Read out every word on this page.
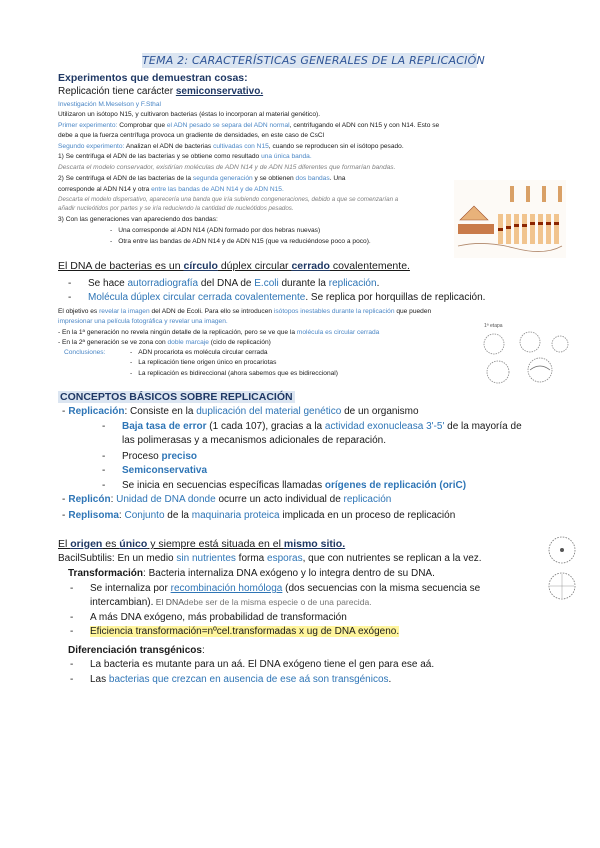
TEMA 2: CARACTERÍSTICAS GENERALES DE LA REPLICACIÓN
Experimentos que demuestran cosas:
Replicación tiene carácter semiconservativo.
Investigación M.Meselson y F.Sthal
Utilizaron un isótopo N15, y cultivaron bacterias (éstas lo incorporan al material genético).
Primer experimento: Comprobar que el ADN pesado se separa del ADN normal, centrifugando el ADN con N15 y con N14. Esto se
debe a que la fuerza centrífuga provoca un gradiente de densidades, en este caso de CsCl
Segundo experimento: Analizan el ADN de bacterias cultivadas con N15, cuando se reproducen sin el isótopo pesado.
1) Se centrifuga el ADN de las bacterias y se obtiene como resultado una única banda.
Descarta el modelo conservador, existirían moléculas de ADN N14 y de ADN N15 diferentes que formarían bandas.
2) Se centrifuga el ADN de las bacterias de la segunda generación y se obtienen dos bandas. Una
corresponde al ADN N14 y otra entre las bandas de ADN N14 y de ADN N15.
Descarta el modelo dispersativo, aparecería una banda que iría subiendo congeneraciones, debido a que se comenzarían a
añadir nucleótidos por partes y se iría reduciendo la cantidad de nucleótidos pesados.
3) Con las generaciones van apareciendo dos bandas:
- Una corresponde al ADN N14 (ADN formado por dos hebras nuevas)
- Otra entre las bandas de ADN N14 y de ADN N15 (que va reduciéndose poco a poco).
El DNA de bacterias es un círculo dúplex circular cerrado covalentemente.
- Se hace autorradiografía del DNA de E.coli durante la replicación.
- Molécula dúplex circular cerrada covalentemente. Se replica por horquillas de replicación.
El objetivo es revelar la imagen del ADN de Ecoli. Para ello se introducen isótopos inestables durante la replicación que pueden
impresionar una película fotográfica y revelar una imagen.
- En la 1ª generación no revela ningún detalle de la replicación, pero se ve que la molécula es circular cerrada
- En la 2ª generación se ve zona con doble marcaje (ciclo de replicación)
Conclusiones:	- ADN procariota es molécula circular cerrada
- La replicación tiene origen único en procariotas
- La replicación es bidireccional (ahora sabemos que es bidireccional)
1ª etapa
CONCEPTOS BÁSICOS SOBRE REPLICACIÓN
- Replicación: Consiste en la duplicación del material genético de un organismo
- Baja tasa de error (1 cada 107), gracias a la actividad exonucleasa 3'-5' de la mayoría de
las polimerasas y a mecanismos adicionales de reparación.
- Proceso preciso
- Semiconservativa
- Se inicia en secuencias específicas llamadas orígenes de replicación (oriC)
- Replicón: Unidad de DNA donde ocurre un acto individual de replicación
- Replisoma: Conjunto de la maquinaria proteica implicada en un proceso de replicación
El origen es único y siempre está situada en el mismo sitio.
BacilSubtilis: En un medio sin nutrientes forma esporas, que con nutrientes se replican a la vez.
Transformación: Bacteria internaliza DNA exógeno y lo integra dentro de su DNA.
- Se internaliza por recombinación homóloga (dos secuencias con la misma secuencia se
intercambian). El DNAdebe ser de la misma especie o de una parecida.
- A más DNA exógeno, más probabilidad de transformación
- Eficiencia transformación=nºcel.transformadas x ug de DNA exógeno.
Diferenciación transgénicos:
- La bacteria es mutante para un aá. El DNA exógeno tiene el gen para ese aá.
- Las bacterias que crezcan en ausencia de ese aá son transgénicos.
